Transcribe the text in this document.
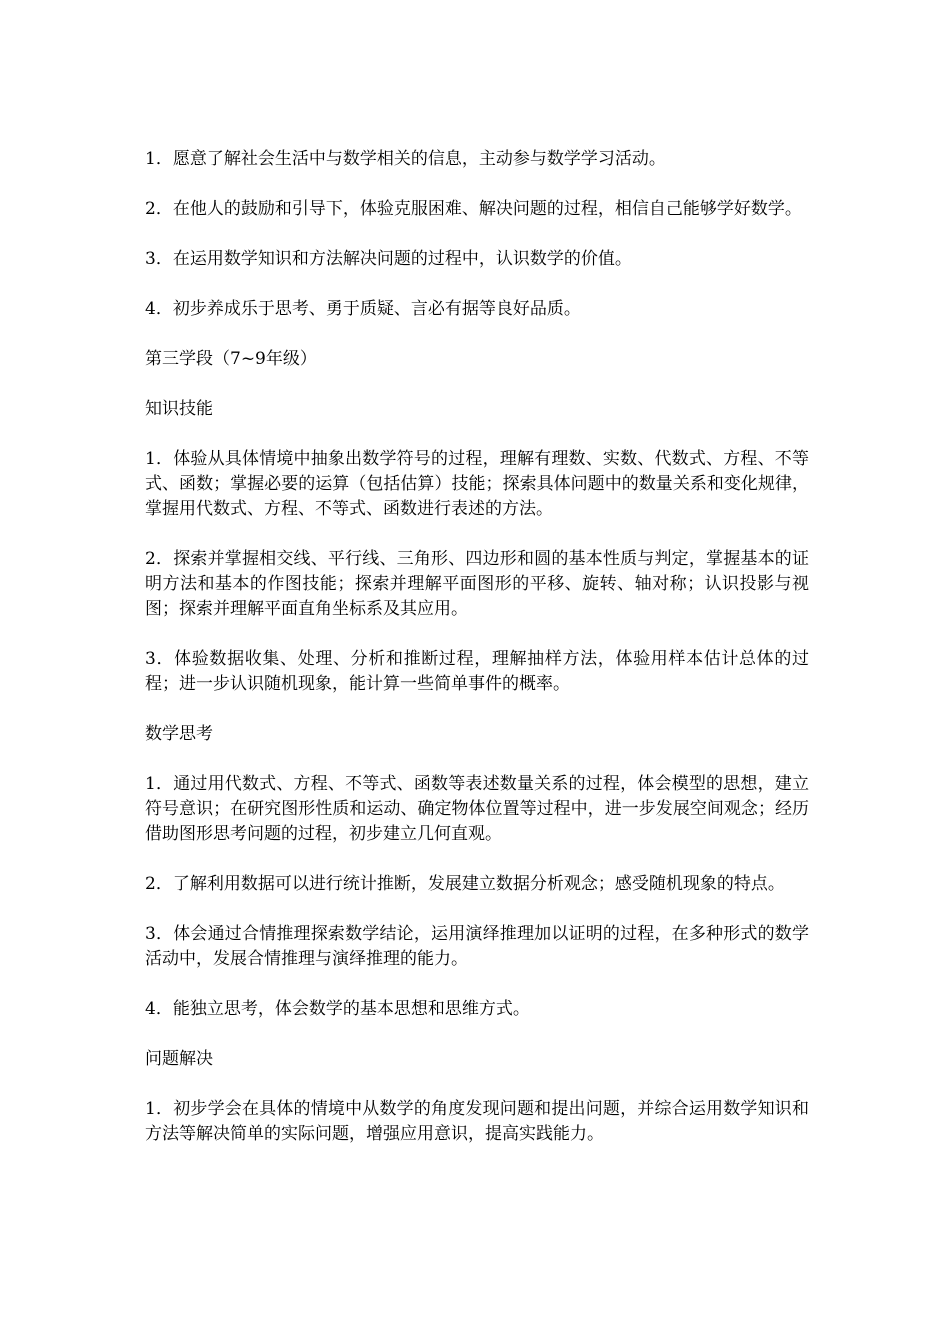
1．愿意了解社会生活中与数学相关的信息，主动参与数学学习活动。

2．在他人的鼓励和引导下，体验克服困难、解决问题的过程，相信自己能够学好数学。

3．在运用数学知识和方法解决问题的过程中，认识数学的价值。

4．初步养成乐于思考、勇于质疑、言必有据等良好品质。

第三学段（7~9年级）

知识技能

1．体验从具体情境中抽象出数学符号的过程，理解有理数、实数、代数式、方程、不等式、函数；掌握必要的运算（包括估算）技能；探索具体问题中的数量关系和变化规律，掌握用代数式、方程、不等式、函数进行表述的方法。

2．探索并掌握相交线、平行线、三角形、四边形和圆的基本性质与判定，掌握基本的证明方法和基本的作图技能；探索并理解平面图形的平移、旋转、轴对称；认识投影与视图；探索并理解平面直角坐标系及其应用。

3．体验数据收集、处理、分析和推断过程，理解抽样方法，体验用样本估计总体的过程；进一步认识随机现象，能计算一些简单事件的概率。

数学思考

1．通过用代数式、方程、不等式、函数等表述数量关系的过程，体会模型的思想，建立符号意识；在研究图形性质和运动、确定物体位置等过程中，进一步发展空间观念；经历借助图形思考问题的过程，初步建立几何直观。

2．了解利用数据可以进行统计推断，发展建立数据分析观念；感受随机现象的特点。

3．体会通过合情推理探索数学结论，运用演绎推理加以证明的过程，在多种形式的数学活动中，发展合情推理与演绎推理的能力。

4．能独立思考，体会数学的基本思想和思维方式。

问题解决

1．初步学会在具体的情境中从数学的角度发现问题和提出问题，并综合运用数学知识和方法等解决简单的实际问题，增强应用意识，提高实践能力。
